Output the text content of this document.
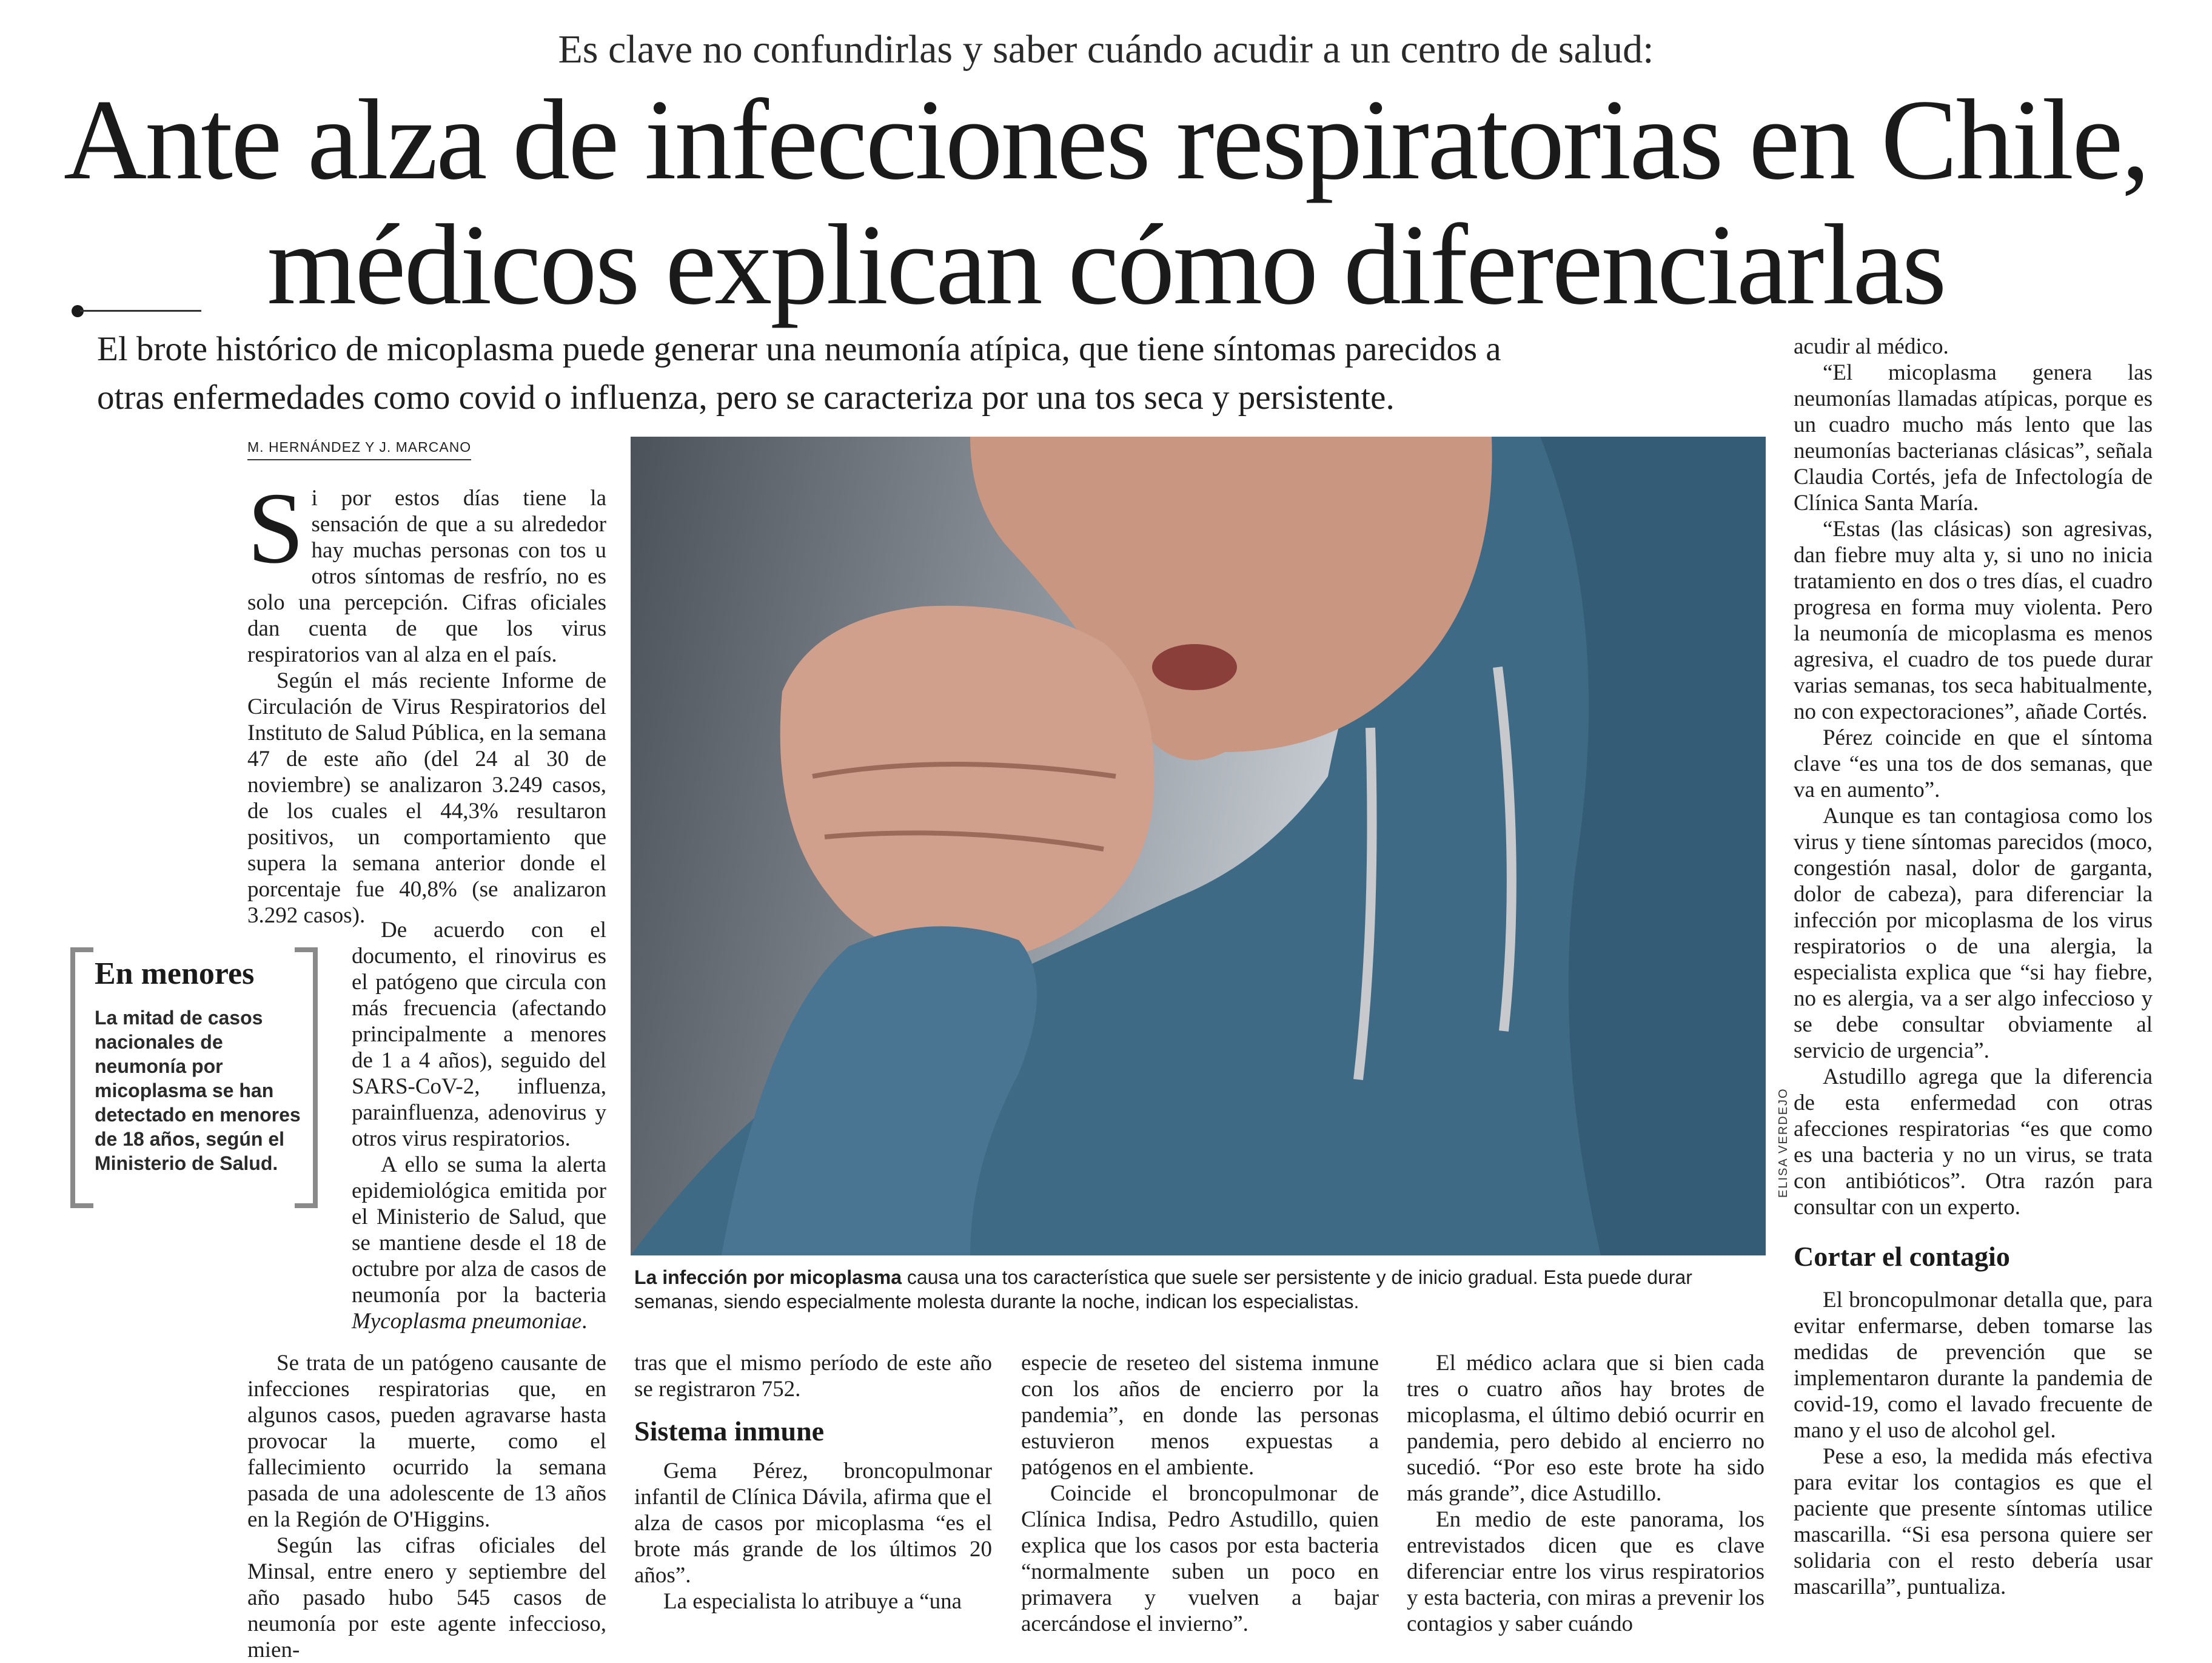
Es clave no confundirlas y saber cuándo acudir a un centro de salud:
Ante alza de infecciones respiratorias en Chile,
médicos explican cómo diferenciarlas

El brote histórico de micoplasma puede generar una neumonía atípica, que tiene síntomas parecidos a

otras enfermedades como covid o influenza, pero se caracteriza por una tos seca y persistente.

M. HERNÁNDEZ Y J. MARCANO
S i por estos días tiene la sensación de que a su alrededor hay muchas personas con tos u otros síntomas de resfrío, no es solo una percepción. Cifras oficiales dan cuenta de que los virus respiratorios van al alza en el país.

Según el más reciente Informe de Circulación de Virus Respiratorios del Instituto de Salud Pública, en la semana 47 de este año (del 24 al 30 de noviembre) se analizaron 3.249 casos, de los cuales el 44,3% resultaron positivos, un comportamiento que supera la semana anterior donde el porcentaje fue 40,8% (se analizaron 3.292 casos).

En menores
La mitad de casos nacionales de neumonía por micoplasma se han detectado en menores de 18 años, según el Ministerio de Salud.

De acuerdo con el documento, el rinovirus es el patógeno que circula con más frecuencia (afectando principalmente a menores de 1 a 4 años), seguido del SARS-CoV-2, influenza, parainfluenza, adenovirus y otros virus respiratorios.

A ello se suma la alerta epidemiológica emitida por el Ministerio de Salud, que se mantiene desde el 18 de octubre por alza de casos de neumonía por la bacteria Mycoplasma pneumoniae.

Se trata de un patógeno causante de infecciones respiratorias que, en algunos casos, pueden agravarse hasta provocar la muerte, como el fallecimiento ocurrido la semana pasada de una adolescente de 13 años en la Región de O'Higgins.

Según las cifras oficiales del Minsal, entre enero y septiembre del año pasado hubo 545 casos de neumonía por este agente infeccioso, mien-

ELISA VERDEJO
La infección por micoplasma causa una tos característica que suele ser persistente y de inicio gradual. Esta puede durar semanas, siendo especialmente molesta durante la noche, indican los especialistas.

tras que el mismo período de este año se registraron 752.

Sistema inmune

Gema Pérez, broncopulmonar infantil de Clínica Dávila, afirma que el alza de casos por micoplasma “es el brote más grande de los últimos 20 años”.

La especialista lo atribuye a “una

especie de reseteo del sistema inmune con los años de encierro por la pandemia”, en donde las personas estuvieron menos expuestas a patógenos en el ambiente.

Coincide el broncopulmonar de Clínica Indisa, Pedro Astudillo, quien explica que los casos por esta bacteria “normalmente suben un poco en primavera y vuelven a bajar acercándose el invierno”.

El médico aclara que si bien cada tres o cuatro años hay brotes de micoplasma, el último debió ocurrir en pandemia, pero debido al encierro no sucedió. “Por eso este brote ha sido más grande”, dice Astudillo.

En medio de este panorama, los entrevistados dicen que es clave diferenciar entre los virus respiratorios y esta bacteria, con miras a prevenir los contagios y saber cuándo

acudir al médico.

“El micoplasma genera las neumonías llamadas atípicas, porque es un cuadro mucho más lento que las neumonías bacterianas clásicas”, señala Claudia Cortés, jefa de Infectología de Clínica Santa María.

“Estas (las clásicas) son agresivas, dan fiebre muy alta y, si uno no inicia tratamiento en dos o tres días, el cuadro progresa en forma muy violenta. Pero la neumonía de micoplasma es menos agresiva, el cuadro de tos puede durar varias semanas, tos seca habitualmente, no con expectoraciones”, añade Cortés.

Pérez coincide en que el síntoma clave “es una tos de dos semanas, que va en aumento”.

Aunque es tan contagiosa como los virus y tiene síntomas parecidos (moco, congestión nasal, dolor de garganta, dolor de cabeza), para diferenciar la infección por micoplasma de los virus respiratorios o de una alergia, la especialista explica que “si hay fiebre, no es alergia, va a ser algo infeccioso y se debe consultar obviamente al servicio de urgencia”.

Astudillo agrega que la diferencia de esta enfermedad con otras afecciones respiratorias “es que como es una bacteria y no un virus, se trata con antibióticos”. Otra razón para consultar con un experto.

Cortar el contagio

El broncopulmonar detalla que, para evitar enfermarse, deben tomarse las medidas de prevención que se implementaron durante la pandemia de covid-19, como el lavado frecuente de mano y el uso de alcohol gel.

Pese a eso, la medida más efectiva para evitar los contagios es que el paciente que presente síntomas utilice mascarilla. “Si esa persona quiere ser solidaria con el resto debería usar mascarilla”, puntualiza.
